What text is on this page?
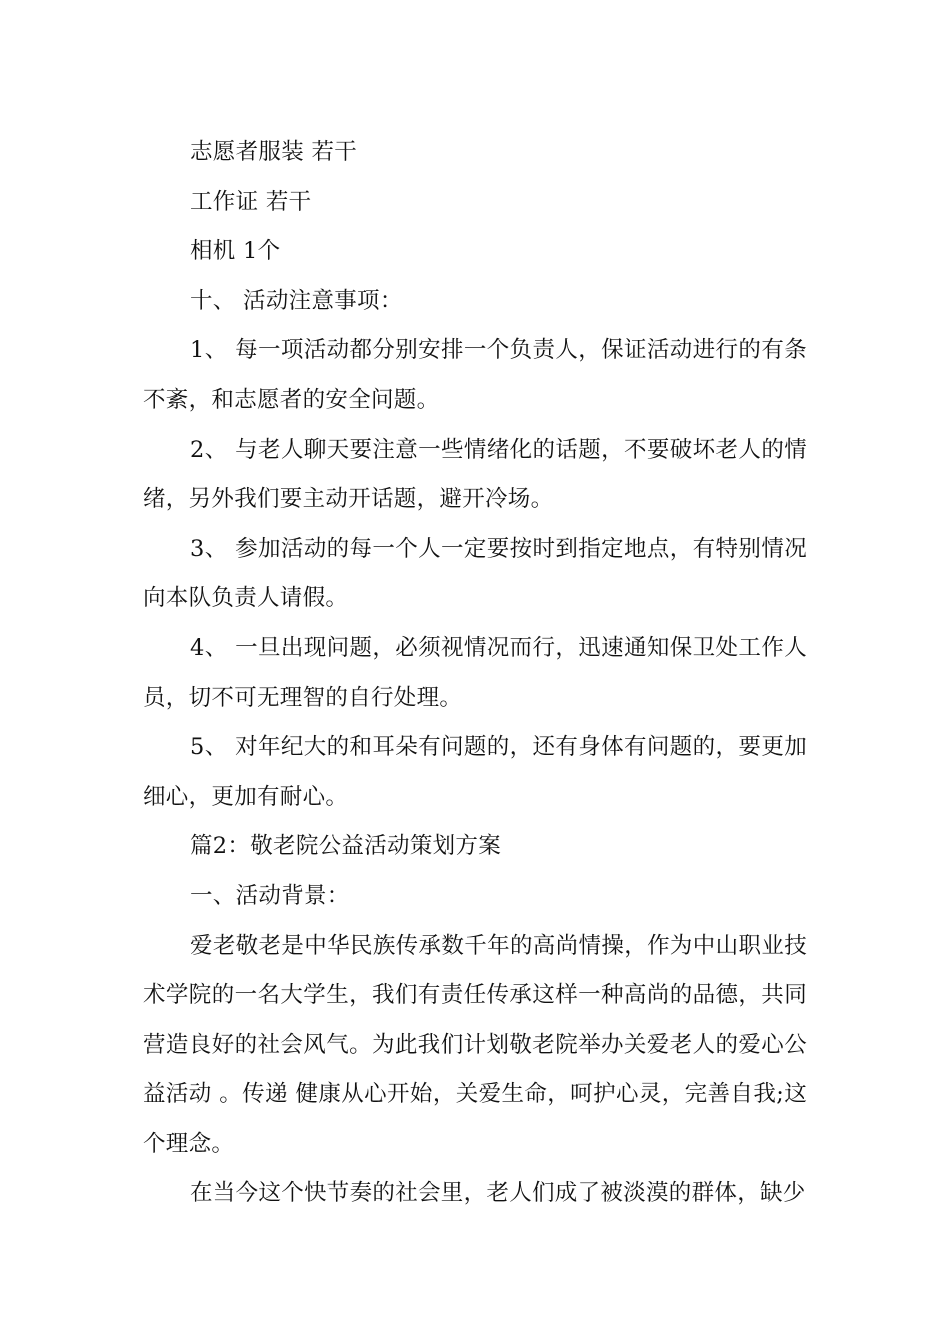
志愿者服装 若干

工作证 若干

相机 1个

十、 活动注意事项：

1、 每一项活动都分别安排一个负责人，保证活动进行的有条不紊，和志愿者的安全问题。

2、 与老人聊天要注意一些情绪化的话题，不要破坏老人的情绪，另外我们要主动开话题，避开冷场。

3、 参加活动的每一个人一定要按时到指定地点，有特别情况向本队负责人请假。

4、 一旦出现问题，必须视情况而行，迅速通知保卫处工作人员，切不可无理智的自行处理。

5、 对年纪大的和耳朵有问题的，还有身体有问题的，要更加细心，更加有耐心。

篇2：敬老院公益活动策划方案

一、活动背景：

爱老敬老是中华民族传承数千年的高尚情操，作为中山职业技术学院的一名大学生，我们有责任传承这样一种高尚的品德，共同营造良好的社会风气。为此我们计划敬老院举办关爱老人的爱心公益活动 。传递 健康从心开始，关爱生命，呵护心灵，完善自我;这个理念。

在当今这个快节奏的社会里，老人们成了被淡漠的群体，缺少
